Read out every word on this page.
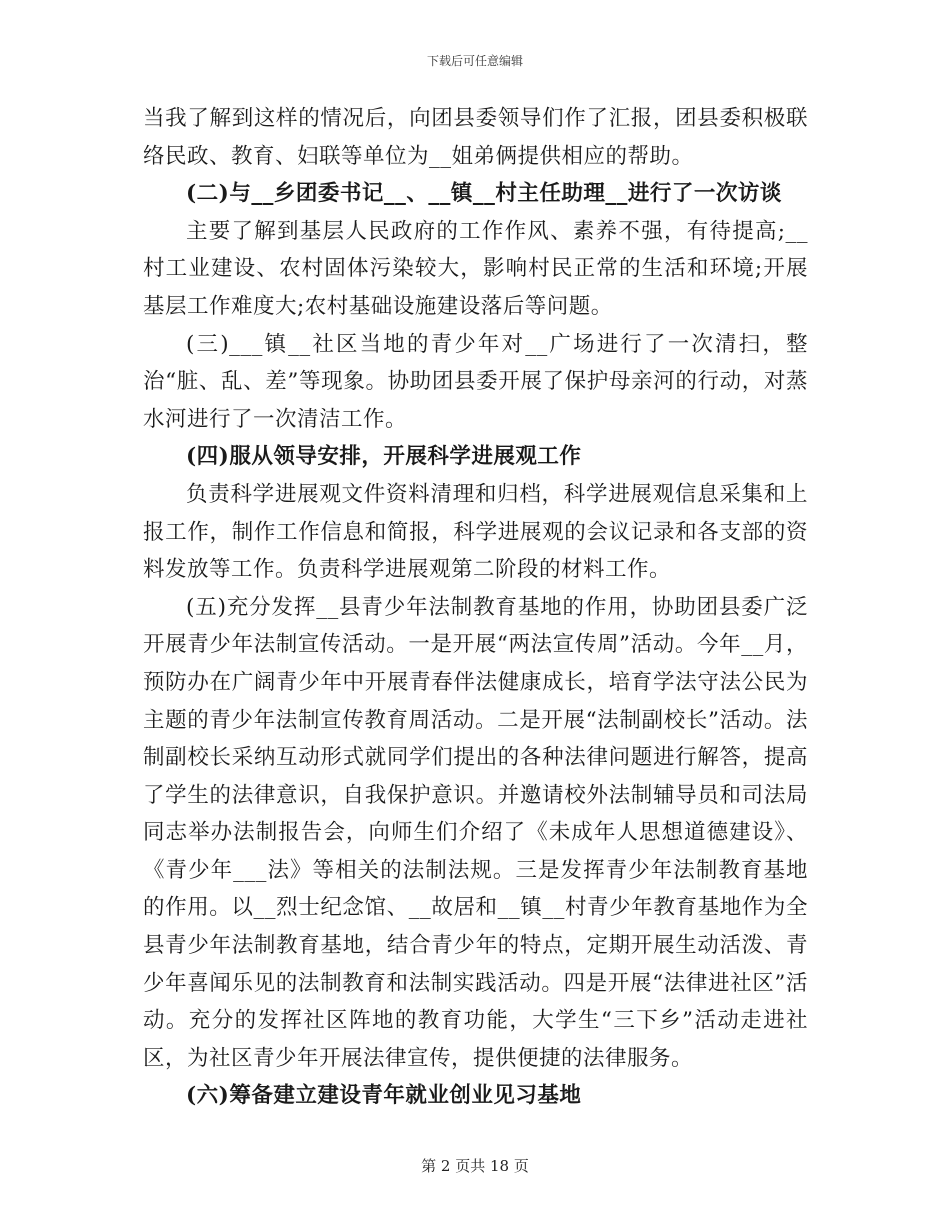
下载后可任意编辑

当我了解到这样的情况后，向团县委领导们作了汇报，团县委积极联络民政、教育、妇联等单位为__姐弟俩提供相应的帮助。

(二)与__乡团委书记__、__镇__村主任助理__进行了一次访谈

主要了解到基层人民政府的工作作风、素养不强，有待提高;__村工业建设、农村固体污染较大，影响村民正常的生活和环境;开展基层工作难度大;农村基础设施建设落后等问题。

(三)___镇__社区当地的青少年对__广场进行了一次清扫，整治“脏、乱、差”等现象。协助团县委开展了保护母亲河的行动，对蒸水河进行了一次清洁工作。

(四)服从领导安排，开展科学进展观工作

负责科学进展观文件资料清理和归档，科学进展观信息采集和上报工作，制作工作信息和简报，科学进展观的会议记录和各支部的资料发放等工作。负责科学进展观第二阶段的材料工作。

(五)充分发挥__县青少年法制教育基地的作用，协助团县委广泛开展青少年法制宣传活动。一是开展“两法宣传周”活动。今年__月，预防办在广阔青少年中开展青春伴法健康成长，培育学法守法公民为主题的青少年法制宣传教育周活动。二是开展“法制副校长”活动。法制副校长采纳互动形式就同学们提出的各种法律问题进行解答，提高了学生的法律意识，自我保护意识。并邀请校外法制辅导员和司法局同志举办法制报告会，向师生们介绍了《未成年人思想道德建设》、《青少年___法》等相关的法制法规。三是发挥青少年法制教育基地的作用。以__烈士纪念馆、__故居和__镇__村青少年教育基地作为全县青少年法制教育基地，结合青少年的特点，定期开展生动活泼、青少年喜闻乐见的法制教育和法制实践活动。四是开展“法律进社区”活动。充分的发挥社区阵地的教育功能，大学生“三下乡”活动走进社区，为社区青少年开展法律宣传，提供便捷的法律服务。

(六)筹备建立建设青年就业创业见习基地

第 2 页共 18 页
